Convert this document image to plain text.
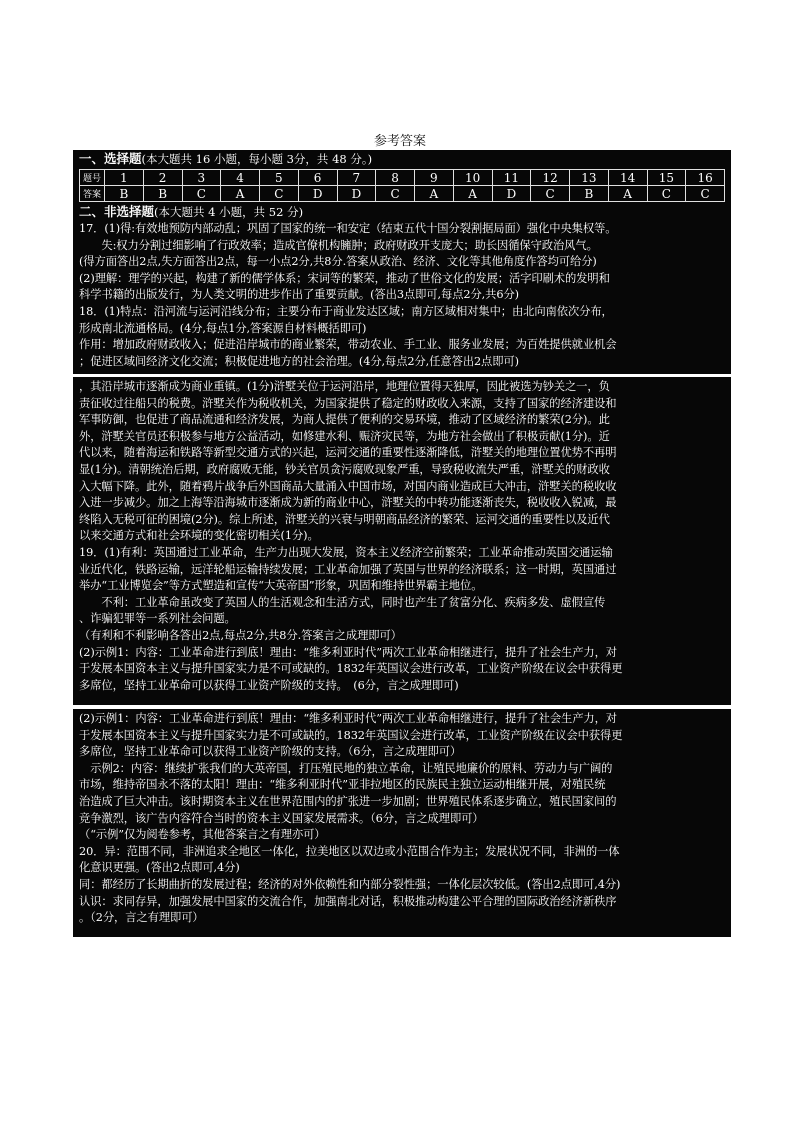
参考答案
一、选择题(本大题共 16 小题，每小题 3分，共 48 分。)
题号	1	2	3	4	5	6	7	8	9	10	11	12	13	14	15	16
答案	B	B	C	A	C	D	D	C	A	A	D	C	B	A	C	C
二、非选择题(本大题共 4 小题，共 52 分)
17．(1)得:有效地预防内部动乱；巩固了国家的统一和安定（结束五代十国分裂割据局面）强化中央集权等。
　　失:权力分割过细影响了行政效率；造成官僚机构臃肿；政府财政开支庞大；助长因循保守政治风气。
(得方面答出2点,失方面答出2点，每一小点2分,共8分.答案从政治、经济、文化等其他角度作答均可给分)
(2)理解：理学的兴起，构建了新的儒学体系；宋词等的繁荣，推动了世俗文化的发展；活字印刷术的发明和
科学书籍的出版发行，为人类文明的进步作出了重要贡献。(答出3点即可,每点2分,共6分)
18．(1)特点：沿河流与运河沿线分布；主要分布于商业发达区域；南方区域相对集中；由北向南依次分布，
形成南北流通格局。(4分,每点1分,答案源自材料概括即可)
作用：增加政府财政收入；促进沿岸城市的商业繁荣，带动农业、手工业、服务业发展；为百姓提供就业机会
；促进区域间经济文化交流；积极促进地方的社会治理。(4分,每点2分,任意答出2点即可)
，其沿岸城市逐渐成为商业重镇。(1分)浒墅关位于运河沿岸，地理位置得天独厚，因此被选为钞关之一，负
责征收过往船只的税费。浒墅关作为税收机关，为国家提供了稳定的财政收入来源，支持了国家的经济建设和
军事防御，也促进了商品流通和经济发展，为商人提供了便利的交易环境，推动了区域经济的繁荣(2分)。此
外，浒墅关官员还积极参与地方公益活动，如修建水利、赈济灾民等，为地方社会做出了积极贡献(1分)。近
代以来，随着海运和铁路等新型交通方式的兴起，运河交通的重要性逐渐降低，浒墅关的地理位置优势不再明
显(1分)。清朝统治后期，政府腐败无能，钞关官员贪污腐败现象严重，导致税收流失严重，浒墅关的财政收
入大幅下降。此外，随着鸦片战争后外国商品大量涌入中国市场，对国内商业造成巨大冲击，浒墅关的税收收
入进一步减少。加之上海等沿海城市逐渐成为新的商业中心，浒墅关的中转功能逐渐丧失，税收收入锐减，最
终陷入无税可征的困境(2分)。综上所述，浒墅关的兴衰与明朝商品经济的繁荣、运河交通的重要性以及近代
以来交通方式和社会环境的变化密切相关(1分)。
19．(1)有利：英国通过工业革命，生产力出现大发展，资本主义经济空前繁荣；工业革命推动英国交通运输
业近代化，铁路运输，远洋轮船运输持续发展；工业革命加强了英国与世界的经济联系；这一时期，英国通过
举办“工业博览会”等方式塑造和宣传“大英帝国”形象，巩固和维持世界霸主地位。
　　不利：工业革命虽改变了英国人的生活观念和生活方式，同时也产生了贫富分化、疾病多发、虚假宣传
、诈骗犯罪等一系列社会问题。
（有利和不利影响各答出2点,每点2分,共8分.答案言之成理即可）
(2)示例1：内容：工业革命进行到底！理由：“维多利亚时代”两次工业革命相继进行，提升了社会生产力，对
于发展本国资本主义与提升国家实力是不可或缺的。1832年英国议会进行改革，工业资产阶级在议会中获得更
多席位，坚持工业革命可以获得工业资产阶级的支持。　(6分，言之成理即可)
(2)示例1：内容：工业革命进行到底！理由：“维多利亚时代”两次工业革命相继进行，提升了社会生产力，对
于发展本国资本主义与提升国家实力是不可或缺的。1832年英国议会进行改革，工业资产阶级在议会中获得更
多席位，坚持工业革命可以获得工业资产阶级的支持。（6分，言之成理即可）
　示例2：内容：继续扩张我们的大英帝国，打压殖民地的独立革命，让殖民地廉价的原料、劳动力与广阔的
市场，维持帝国永不落的太阳！理由：“维多利亚时代”亚非拉地区的民族民主独立运动相继开展，对殖民统
治造成了巨大冲击。该时期资本主义在世界范围内的扩张进一步加剧；世界殖民体系逐步确立，殖民国家间的
竞争激烈，该广告内容符合当时的资本主义国家发展需求。（6分，言之成理即可）
（“示例”仅为阅卷参考，其他答案言之有理亦可）
20．异：范围不同，非洲追求全地区一体化，拉美地区以双边或小范围合作为主；发展状况不同，非洲的一体
化意识更强。(答出2点即可,4分)
同：都经历了长期曲折的发展过程；经济的对外依赖性和内部分裂性强；一体化层次较低。(答出2点即可,4分)
认识：求同存异，加强发展中国家的交流合作，加强南北对话，积极推动构建公平合理的国际政治经济新秩序
。（2分，言之有理即可）
